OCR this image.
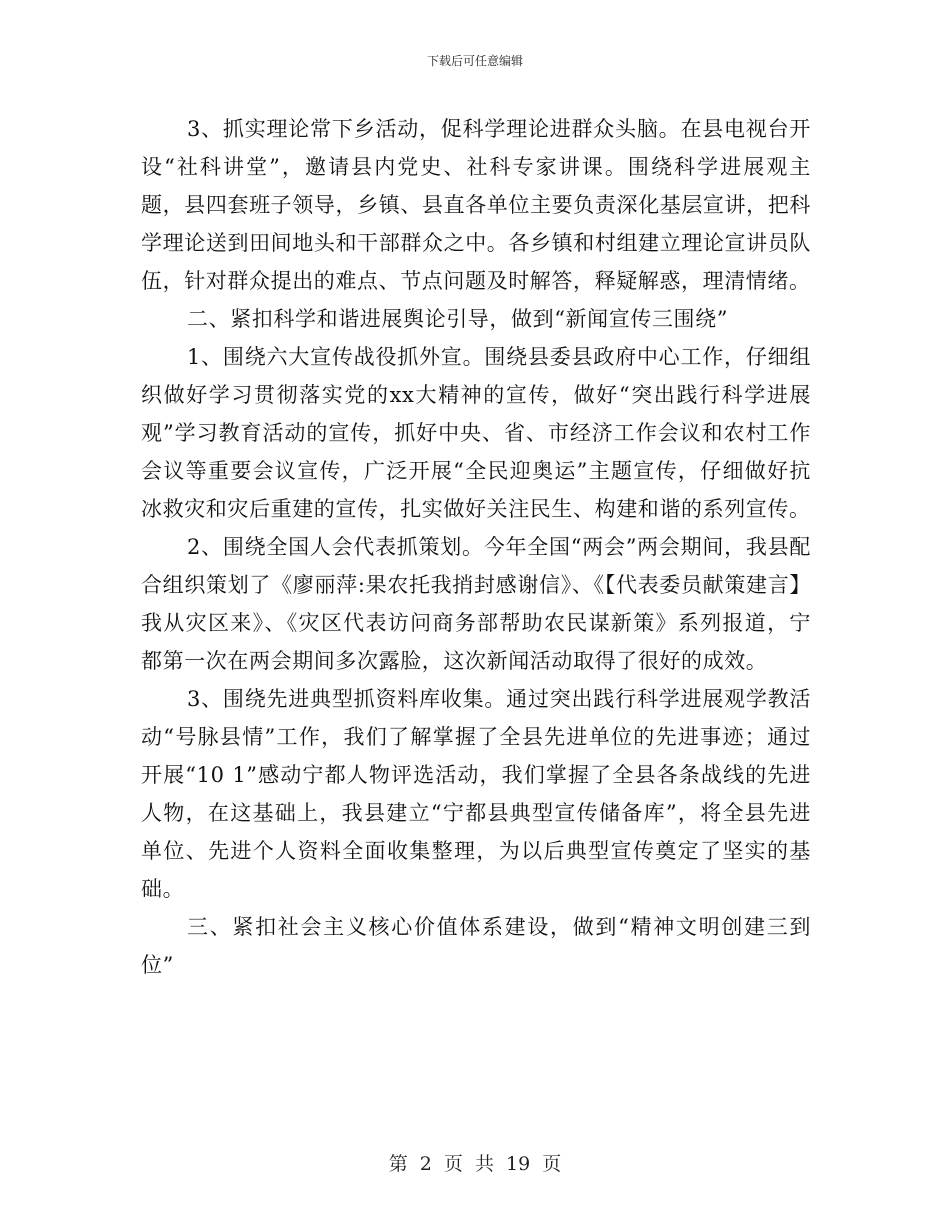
下载后可任意编辑

3、抓实理论常下乡活动，促科学理论进群众头脑。在县电视台开设“社科讲堂”，邀请县内党史、社科专家讲课。围绕科学进展观主题，县四套班子领导，乡镇、县直各单位主要负责深化基层宣讲，把科学理论送到田间地头和干部群众之中。各乡镇和村组建立理论宣讲员队伍，针对群众提出的难点、节点问题及时解答，释疑解惑，理清情绪。

二、紧扣科学和谐进展舆论引导，做到“新闻宣传三围绕”

1、围绕六大宣传战役抓外宣。围绕县委县政府中心工作，仔细组织做好学习贯彻落实党的xx大精神的宣传，做好“突出践行科学进展观”学习教育活动的宣传，抓好中央、省、市经济工作会议和农村工作会议等重要会议宣传，广泛开展“全民迎奥运”主题宣传，仔细做好抗冰救灾和灾后重建的宣传，扎实做好关注民生、构建和谐的系列宣传。

2、围绕全国人会代表抓策划。今年全国“两会”两会期间，我县配合组织策划了《廖丽萍:果农托我捎封感谢信》、《【代表委员献策建言】我从灾区来》、《灾区代表访问商务部帮助农民谋新策》系列报道，宁都第一次在两会期间多次露脸，这次新闻活动取得了很好的成效。

3、围绕先进典型抓资料库收集。通过突出践行科学进展观学教活动“号脉县情”工作，我们了解掌握了全县先进单位的先进事迹；通过开展“10 1”感动宁都人物评选活动，我们掌握了全县各条战线的先进人物，在这基础上，我县建立“宁都县典型宣传储备库”，将全县先进单位、先进个人资料全面收集整理，为以后典型宣传奠定了坚实的基础。

三、紧扣社会主义核心价值体系建设，做到“精神文明创建三到位”

第 2 页 共 19 页
